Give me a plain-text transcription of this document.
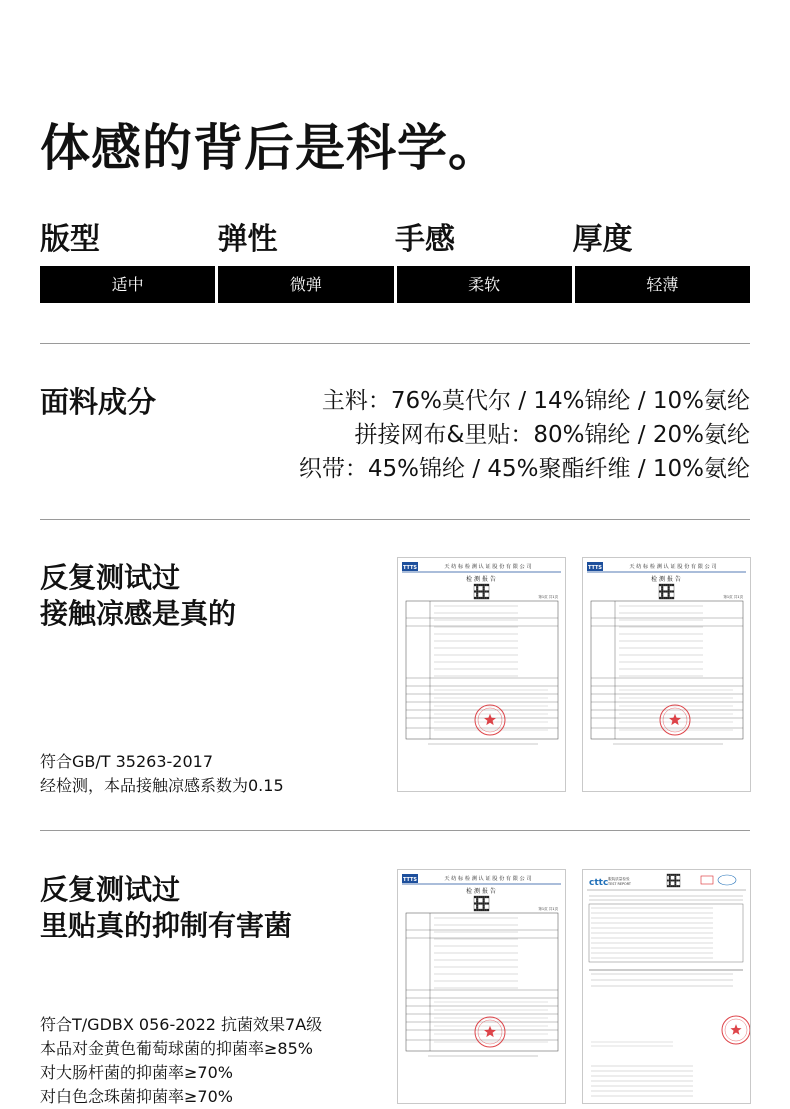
体感的背后是科学。
版型	弹性	手感	厚度
适中	微弹	柔软	轻薄
面料成分	主料：76%莫代尔 / 14%锦纶 / 10%氨纶
拼接网布&里贴：80%锦纶 / 20%氨纶
织带：45%锦纶 / 45%聚酯纤维 / 10%氨纶
反复测试过
接触凉感是真的
符合GB/T 35263-2017
经检测，本品接触凉感系数为0.15
TTTS	天 纺 标 检 测 认 证 股 份 有 限 公 司
检 测 报 告
第1页 共1页
TTTS	天 纺 标 检 测 认 证 股 份 有 限 公 司
检 测 报 告
第1页 共1页
反复测试过
里贴真的抑制有害菌
符合T/GDBX 056-2022 抗菌效果7A级
本品对金黄色葡萄球菌的抑菌率≥85%
对大肠杆菌的抑菌率≥70%
对白色念珠菌抑菌率≥70%
TTTS	天 纺 标 检 测 认 证 股 份 有 限 公 司
检 测 报 告
第1页 共1页
cttc 服装质量检验
TEST REPORT
